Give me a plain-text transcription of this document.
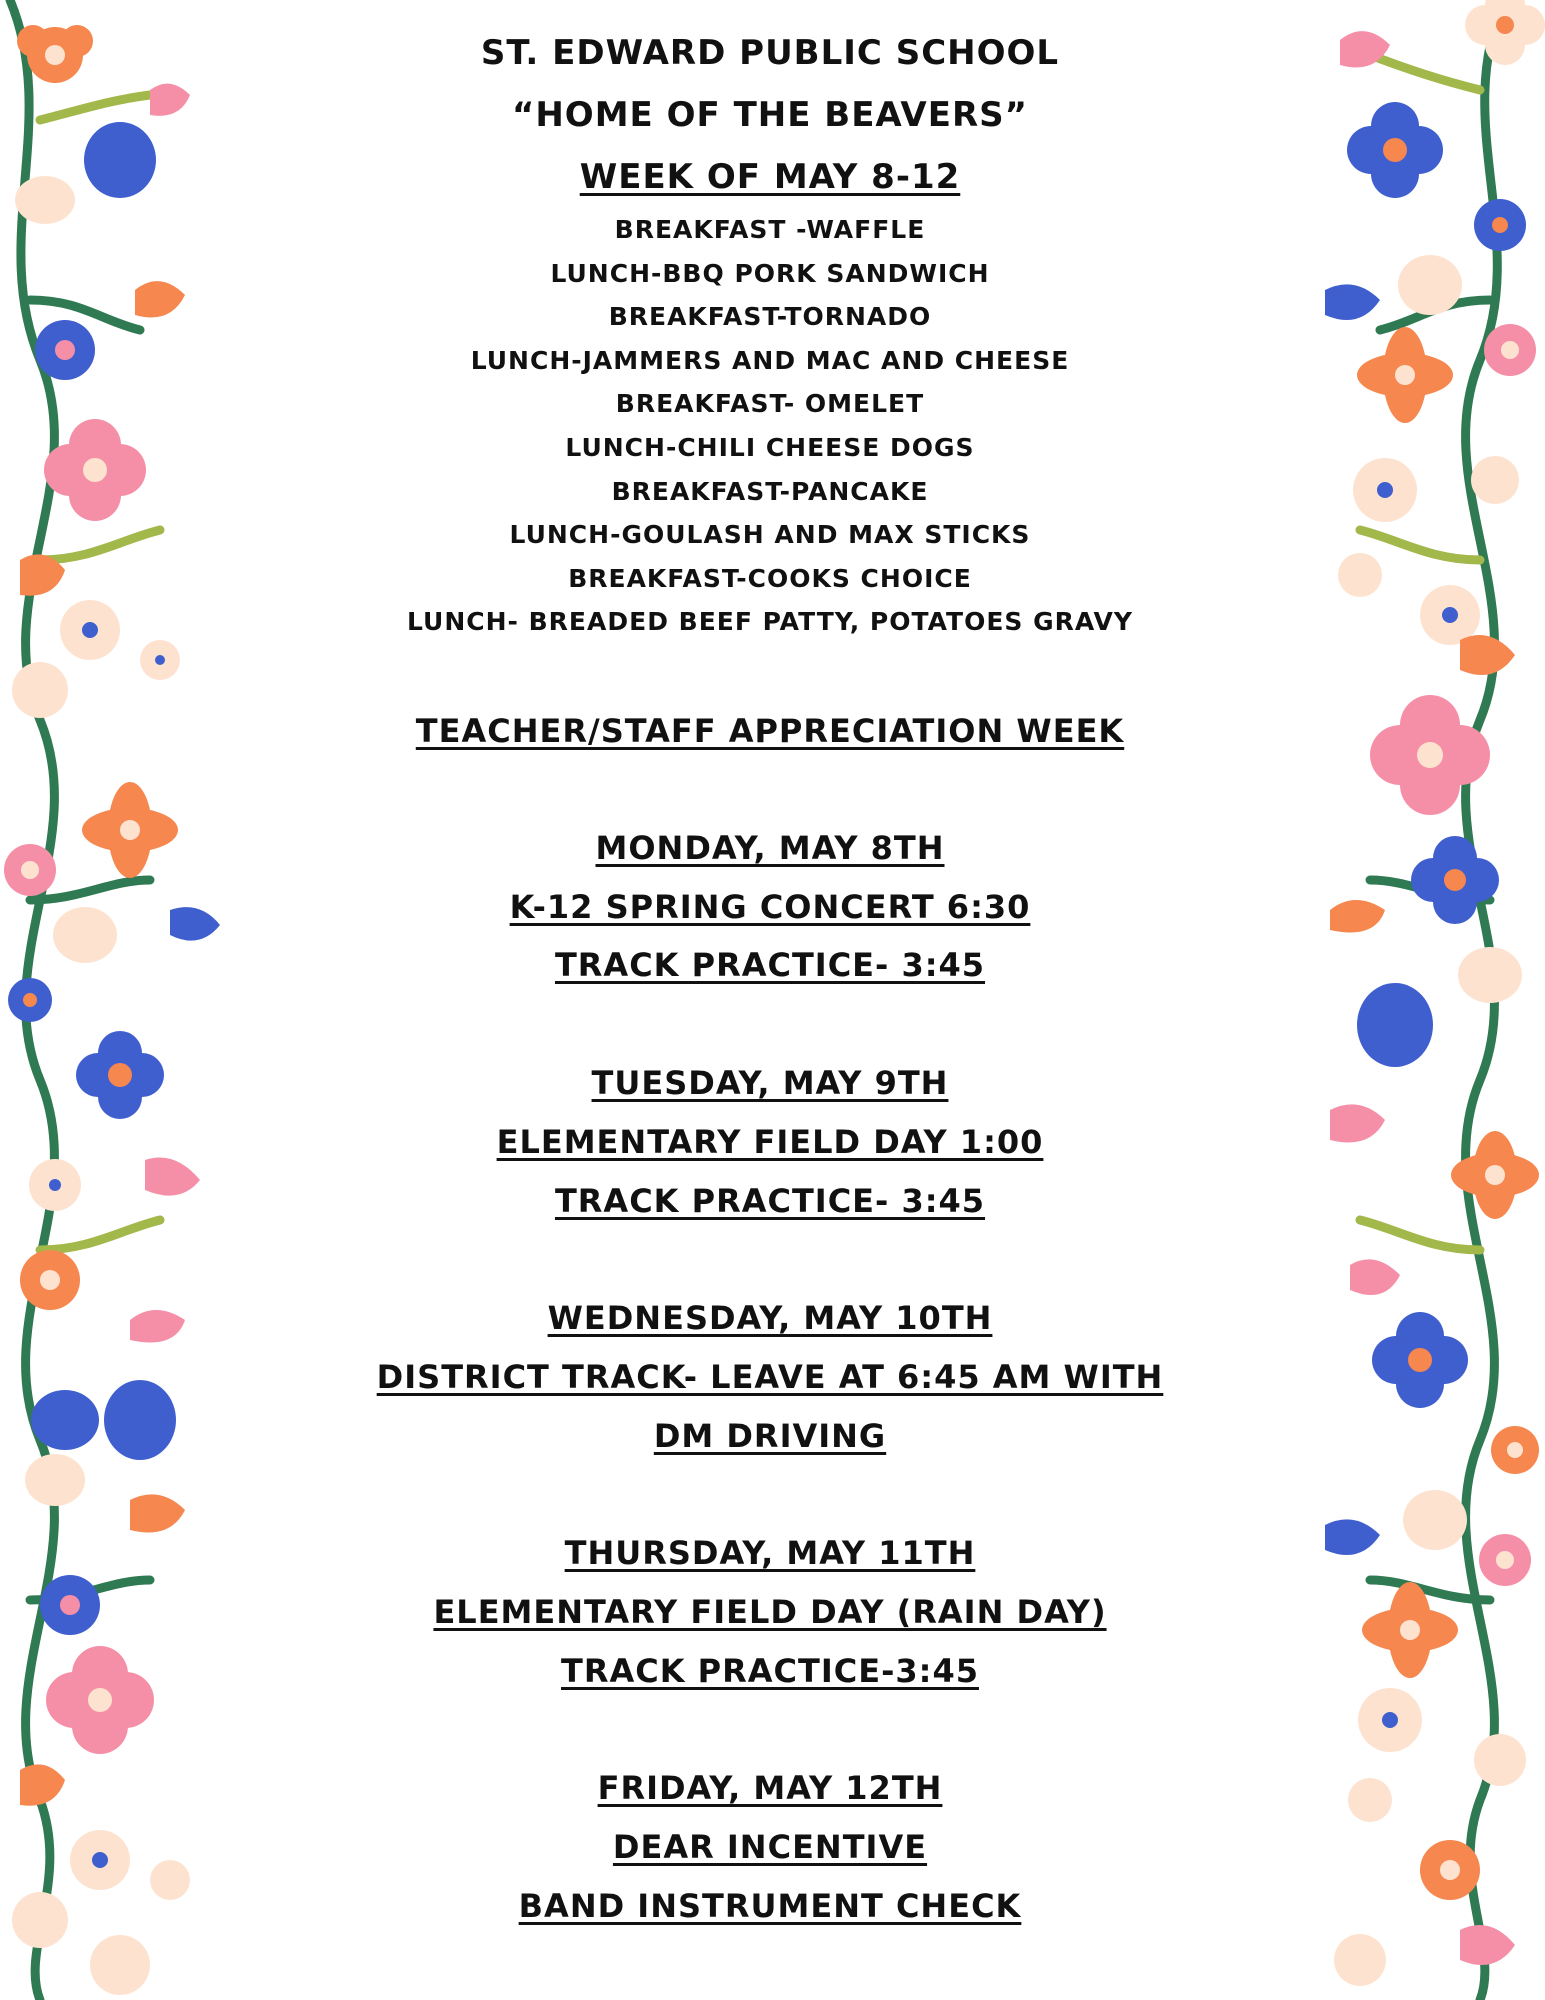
ST. EDWARD PUBLIC SCHOOL
“HOME OF THE BEAVERS”
WEEK OF MAY 8-12
BREAKFAST -WAFFLE
LUNCH-BBQ PORK SANDWICH
BREAKFAST-TORNADO
LUNCH-JAMMERS AND MAC AND CHEESE
BREAKFAST- OMELET
LUNCH-CHILI CHEESE DOGS
BREAKFAST-PANCAKE
LUNCH-GOULASH AND MAX STICKS
BREAKFAST-COOKS CHOICE
LUNCH- BREADED BEEF PATTY, POTATOES GRAVY
TEACHER/STAFF APPRECIATION WEEK
MONDAY, MAY 8TH
K-12 SPRING CONCERT 6:30
TRACK PRACTICE- 3:45
TUESDAY, MAY 9TH
ELEMENTARY FIELD DAY 1:00
TRACK PRACTICE- 3:45
WEDNESDAY, MAY 10TH
DISTRICT TRACK- LEAVE AT 6:45 AM WITH
DM DRIVING
THURSDAY, MAY 11TH
ELEMENTARY FIELD DAY (RAIN DAY)
TRACK PRACTICE-3:45
FRIDAY, MAY 12TH
DEAR INCENTIVE
BAND INSTRUMENT CHECK
